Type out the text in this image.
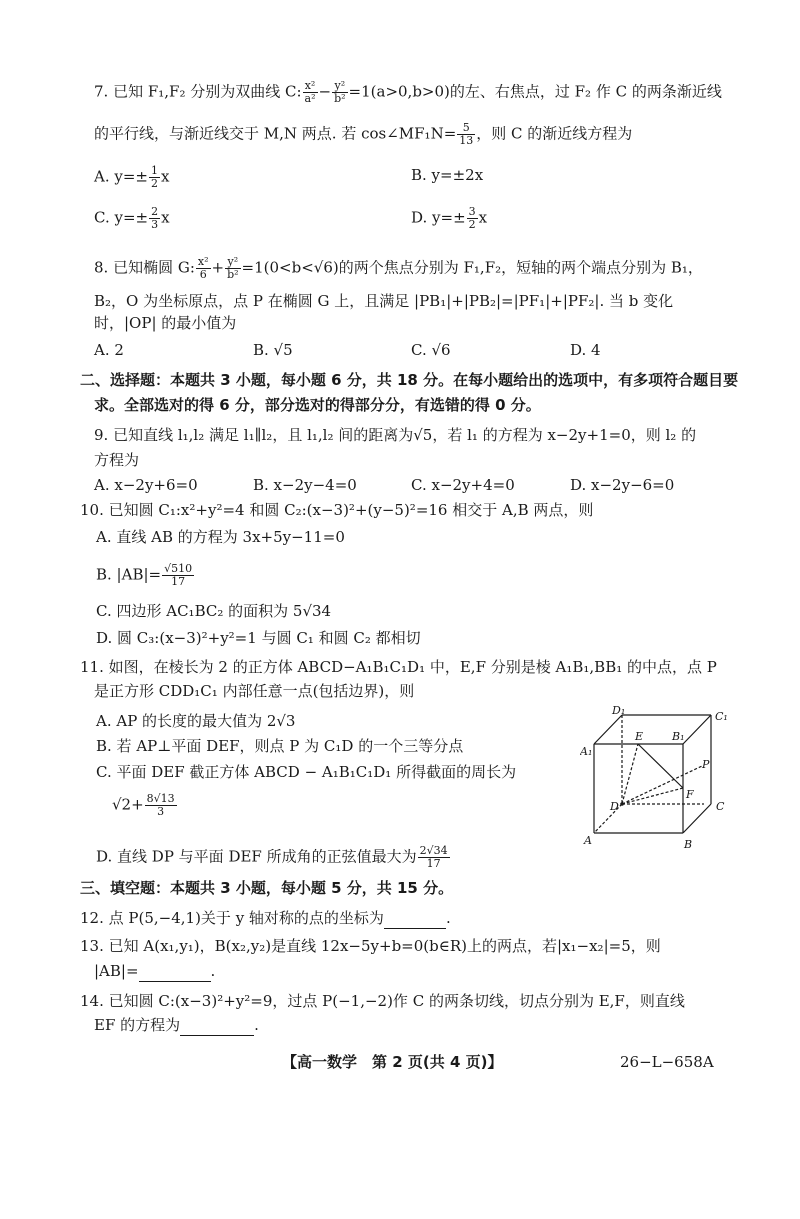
7. 已知 F₁,F₂ 分别为双曲线 C: $\frac{\text{x²}}{\text{a²}} - \frac{\text{y²}}{\text{b²}} =1(a>0,b>0)$的左、右焦点，过 F₂ 作 C 的两条渐近线
的平行线，与渐近线交于 M,N 两点. 若 cos∠MF₁N= $\frac{5}{13}$ ，则 C 的渐近线方程为
A. $y=\pm \frac{1}{2}$ x	B. y=±2x
C. $y=\pm \frac{2}{3}$ x	D. $y=\pm \frac{3}{2}$ x
8. 已知椭圆 G: $\frac{\text{x²}}{6} + \frac{\text{y²}}{\text{b²}} =1(0<b<√6)$的两个焦点分别为 F₁,F₂，短轴的两个端点分别为 B₁，
B₂，O 为坐标原点，点 P 在椭圆 G 上，且满足 |PB₁|+|PB₂|=|PF₁|+|PF₂|. 当 b 变化
时，|OP| 的最小值为
A. 2	B. √5	C. √6	D. 4
二、选择题：本题共 3 小题，每小题 6 分，共 18 分。在每小题给出的选项中，有多项符合题目要
求。全部选对的得 6 分，部分选对的得部分分，有选错的得 0 分。
9. 已知直线 l₁,l₂ 满足 l₁∥l₂，且 l₁,l₂ 间的距离为√5，若 l₁ 的方程为 x−2y+1=0，则 l₂ 的
方程为
A. x−2y+6=0	B. x−2y−4=0	C. x−2y+4=0	D. x−2y−6=0
10. 已知圆 C₁:x²+y²=4 和圆 C₂:(x−3)²+(y−5)²=16 相交于 A,B 两点，则
A. 直线 AB 的方程为 3x+5y−11=0
B. $|AB|= \frac{√510}{17}$
C. 四边形 AC₁BC₂ 的面积为 5√34
D. 圆 C₃:(x−3)²+y²=1 与圆 C₁ 和圆 C₂ 都相切
11. 如图，在棱长为 2 的正方体 ABCD−A₁B₁C₁D₁ 中，E,F 分别是棱 A₁B₁,BB₁ 的中点，点 P
是正方形 CDD₁C₁ 内部任意一点(包括边界)，则
A. AP 的长度的最大值为 2√3
B. 若 AP⊥平面 DEF，则点 P 为 C₁D 的一个三等分点
C. 平面 DEF 截正方体 ABCD − A₁B₁C₁D₁ 所得截面的周长为
$√2+ \frac{8√13}{3}$
D. 直线 DP 与平面 DEF 所成角的正弦值最大为 $\frac{2√34}{17}$
D₁	C₁
A₁
E	B₁
P
D
F
C
A	B
三、填空题：本题共 3 小题，每小题 5 分，共 15 分。
12. 点 P(5,−4,1)关于 y 轴对称的点的坐标为	.
13. 已知 A(x₁,y₁)，B(x₂,y₂)是直线 12x−5y+b=0(b∈R)上的两点，若|x₁−x₂|=5，则
|AB|=	.
14. 已知圆 C:(x−3)²+y²=9，过点 P(−1,−2)作 C 的两条切线，切点分别为 E,F，则直线
EF 的方程为	.
【高一数学　第 2 页(共 4 页)】	26−L−658A
